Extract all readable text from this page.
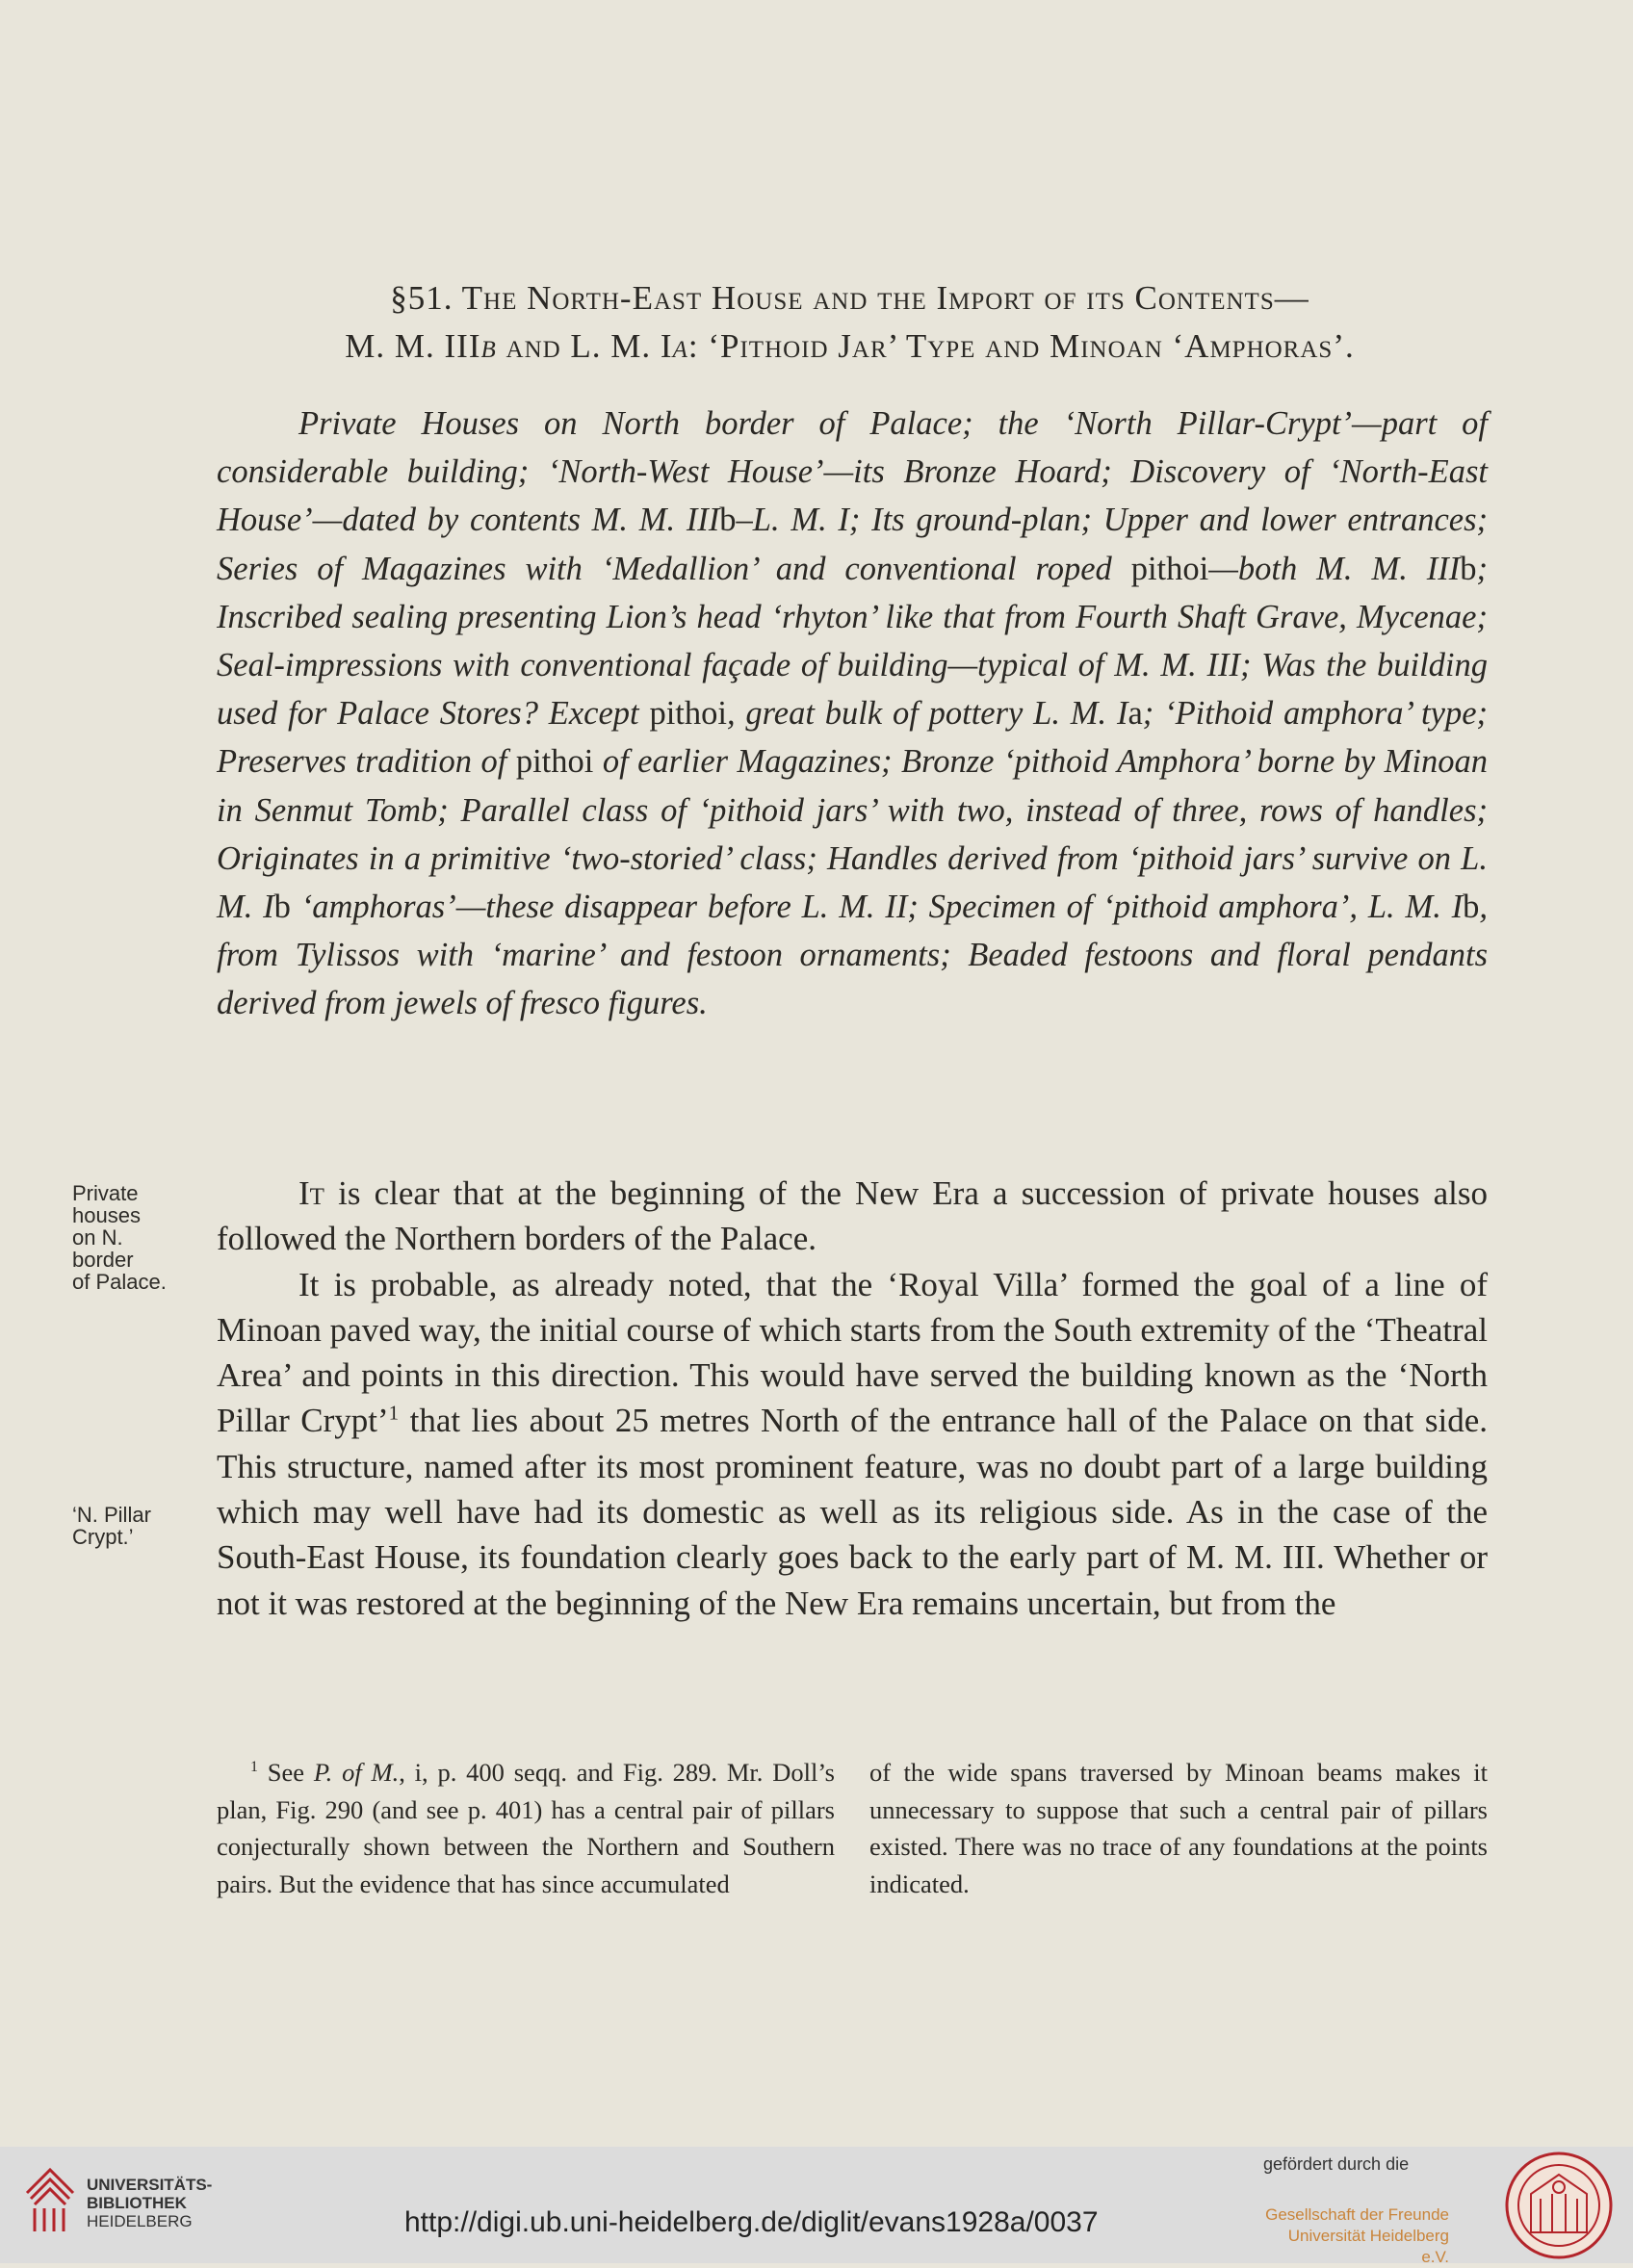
§51. The North-East House and the Import of its Contents—
M. M. IIIb and L. M. Ia: ‘Pithoid Jar’ Type and Minoan ‘Amphoras’.
Private Houses on North border of Palace; the ‘North Pillar-Crypt’—part of considerable building; ‘North-West House’—its Bronze Hoard; Discovery of ‘North-East House’—dated by contents M. M. IIIb–L. M. I; Its ground-plan; Upper and lower entrances; Series of Magazines with ‘Medallion’ and conventional roped pithoi—both M. M. IIIb; Inscribed sealing presenting Lion’s head ‘rhyton’ like that from Fourth Shaft Grave, Mycenae; Seal-impressions with conventional façade of building—typical of M. M. III; Was the building used for Palace Stores? Except pithoi, great bulk of pottery L. M. Ia; ‘Pithoid amphora’ type; Preserves tradition of pithoi of earlier Magazines; Bronze ‘pithoid Amphora’ borne by Minoan in Senmut Tomb; Parallel class of ‘pithoid jars’ with two, instead of three, rows of handles; Originates in a primitive ‘two-storied’ class; Handles derived from ‘pithoid jars’ survive on L. M. Ib ‘amphoras’—these disappear before L. M. II; Specimen of ‘pithoid amphora’, L. M. Ib, from Tylissos with ‘marine’ and festoon ornaments; Beaded festoons and floral pendants derived from jewels of fresco figures.
Private
houses
on N.
border
of Palace.
‘N. Pillar
Crypt.’

It is clear that at the beginning of the New Era a succession of private houses also followed the Northern borders of the Palace.

It is probable, as already noted, that the ‘Royal Villa’ formed the goal of a line of Minoan paved way, the initial course of which starts from the South extremity of the ‘Theatral Area’ and points in this direction. This would have served the building known as the ‘North Pillar Crypt’$^1$ that lies about 25 metres North of the entrance hall of the Palace on that side. This structure, named after its most prominent feature, was no doubt part of a large building which may well have had its domestic as well as its religious side. As in the case of the South-East House, its foundation clearly goes back to the early part of M. M. III. Whether or not it was restored at the beginning of the New Era remains uncertain, but from the

$^1$ See P. of M., i, p. 400 seqq. and Fig. 289. Mr. Doll’s plan, Fig. 290 (and see p. 401) has a central pair of pillars conjecturally shown between the Northern and Southern pairs. But the evidence that has since accumulated
of the wide spans traversed by Minoan beams makes it unnecessary to suppose that such a central pair of pillars existed. There was no trace of any foundations at the points indicated.
UNIVERSITÄTS-
BIBLIOTHEK
HEIDELBERG	http://digi.ub.uni-heidelberg.de/diglit/evans1928a/0037
gefördert durch die
Gesellschaft der Freunde
Universität Heidelberg e.V.
